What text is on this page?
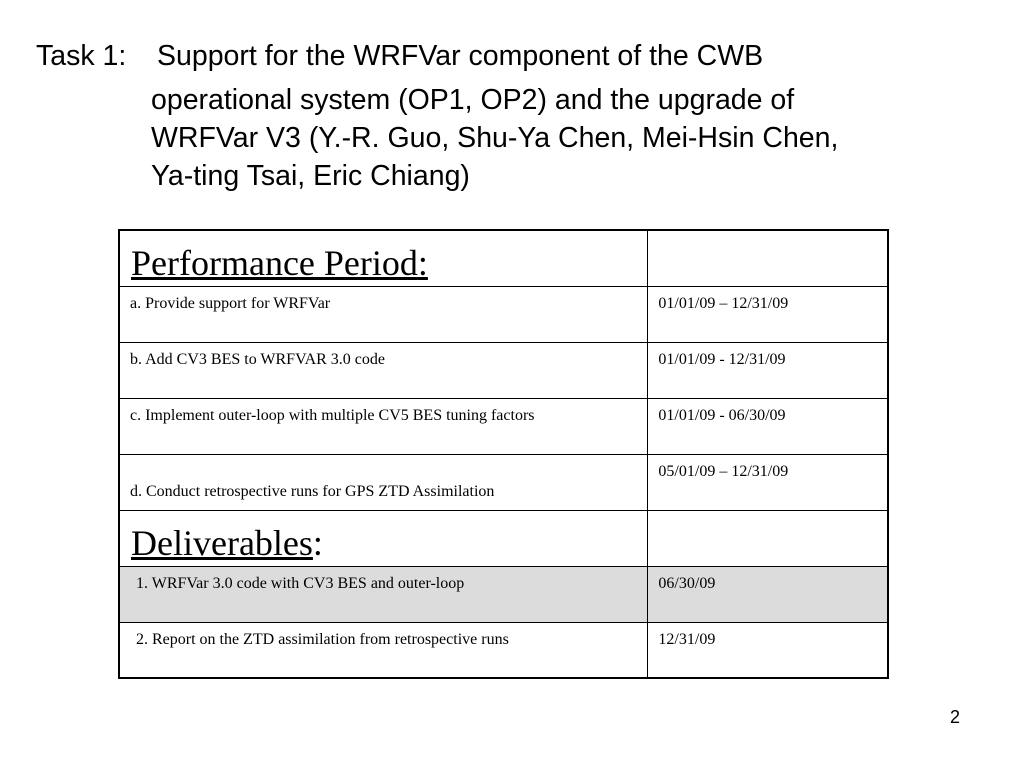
Task 1: Support for the WRFVar component of the CWB
operational system (OP1, OP2) and the upgrade of
WRFVar V3 (Y.-R. Guo, Shu-Ya Chen, Mei-Hsin Chen,
Ya-ting Tsai, Eric Chiang)
Performance Period:	

a. Provide support for WRFVar	01/01/09 – 12/31/09

b. Add CV3 BES to WRFVAR 3.0 code	01/01/09 - 12/31/09

c. Implement outer-loop with multiple CV5 BES tuning factors	01/01/09 - 06/30/09

d. Conduct retrospective runs for GPS ZTD Assimilation	05/01/09 – 12/31/09

Deliverables:	

1. WRFVar 3.0 code with CV3 BES and outer-loop	06/30/09

2. Report on the ZTD assimilation from retrospective runs	12/31/09
2
